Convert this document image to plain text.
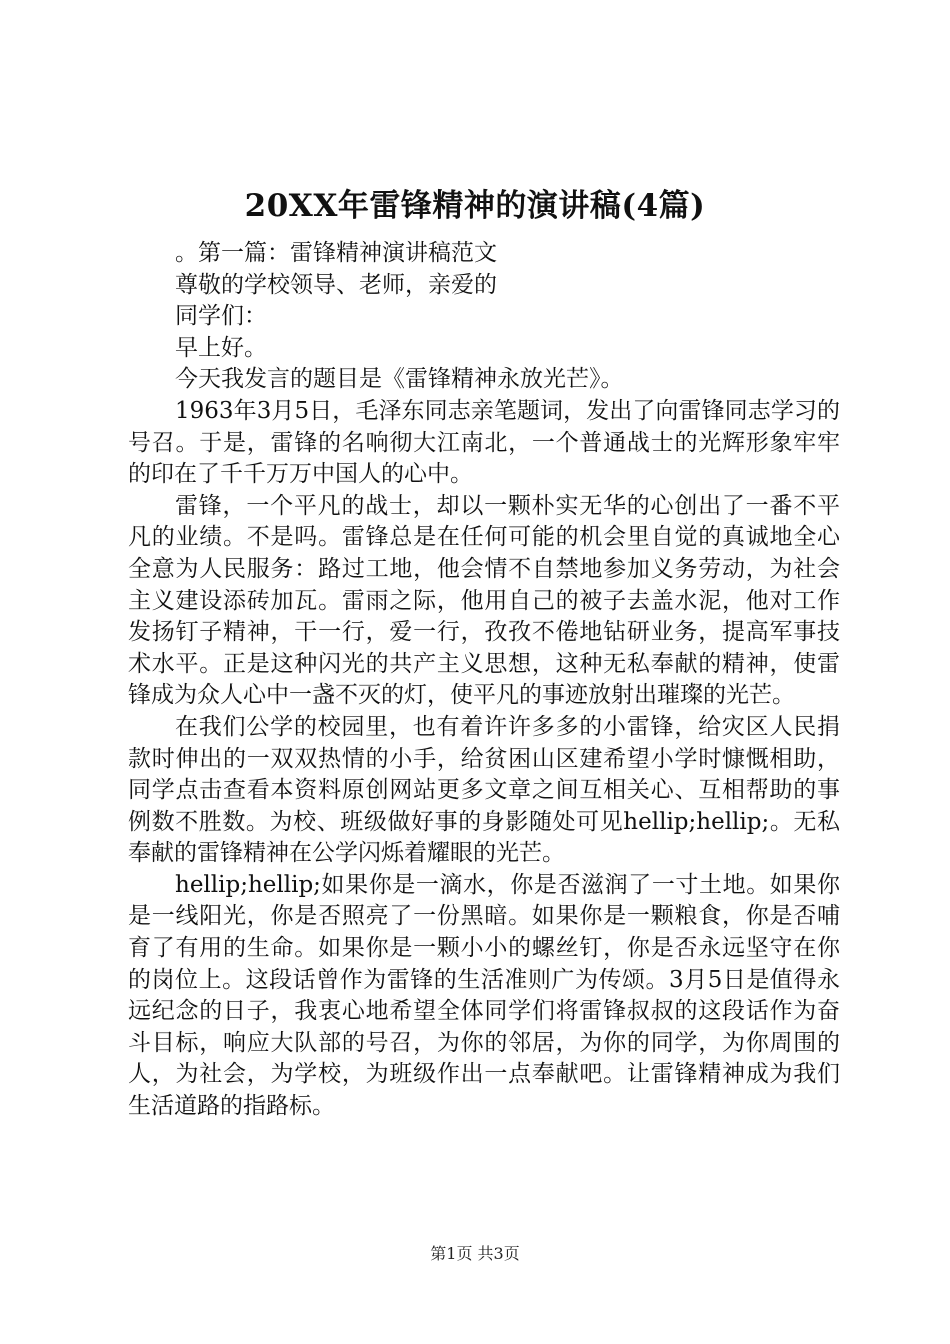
20XX年雷锋精神的演讲稿(4篇)

。第一篇：雷锋精神演讲稿范文

尊敬的学校领导、老师，亲爱的

同学们：

早上好。

今天我发言的题目是《雷锋精神永放光芒》。

1963年3月5日，毛泽东同志亲笔题词，发出了向雷锋同志学习的号召。于是，雷锋的名响彻大江南北，一个普通战士的光辉形象牢牢的印在了千千万万中国人的心中。

雷锋，一个平凡的战士，却以一颗朴实无华的心创出了一番不平凡的业绩。不是吗。雷锋总是在任何可能的机会里自觉的真诚地全心全意为人民服务：路过工地，他会情不自禁地参加义务劳动，为社会主义建设添砖加瓦。雷雨之际，他用自己的被子去盖水泥，他对工作发扬钉子精神，干一行，爱一行，孜孜不倦地钻研业务，提高军事技术水平。正是这种闪光的共产主义思想，这种无私奉献的精神，使雷锋成为众人心中一盏不灭的灯，使平凡的事迹放射出璀璨的光芒。

在我们公学的校园里，也有着许许多多的小雷锋，给灾区人民捐款时伸出的一双双热情的小手，给贫困山区建希望小学时慷慨相助，同学点击查看本资料原创网站更多文章之间互相关心、互相帮助的事例数不胜数。为校、班级做好事的身影随处可见hellip;hellip;。无私奉献的雷锋精神在公学闪烁着耀眼的光芒。

hellip;hellip;如果你是一滴水，你是否滋润了一寸土地。如果你是一线阳光，你是否照亮了一份黑暗。如果你是一颗粮食，你是否哺育了有用的生命。如果你是一颗小小的螺丝钉，你是否永远坚守在你的岗位上。这段话曾作为雷锋的生活准则广为传颂。3月5日是值得永远纪念的日子，我衷心地希望全体同学们将雷锋叔叔的这段话作为奋斗目标，响应大队部的号召，为你的邻居，为你的同学，为你周围的人，为社会，为学校，为班级作出一点奉献吧。让雷锋精神成为我们生活道路的指路标。

第1页 共3页
